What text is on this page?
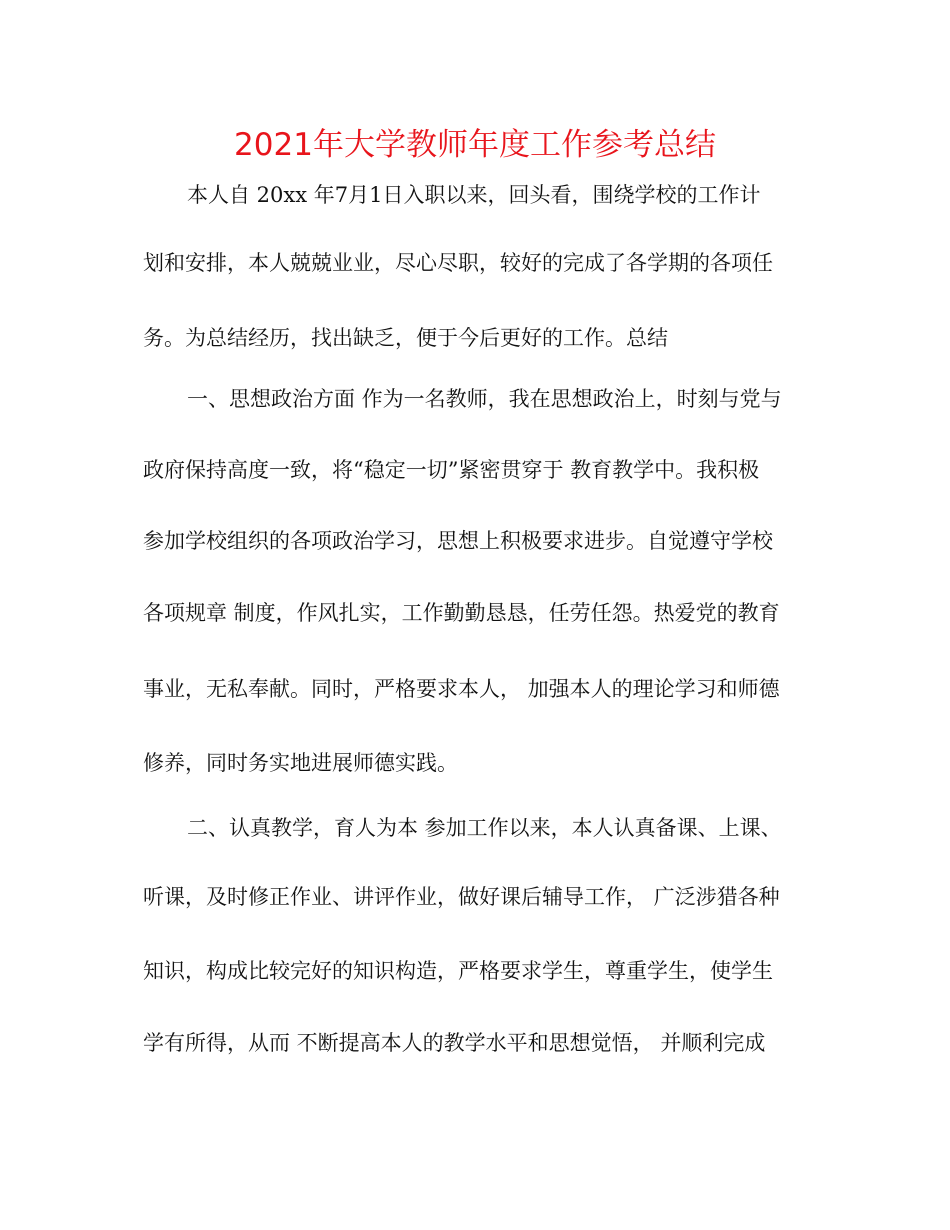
2021年大学教师年度工作参考总结
本人自 20xx 年7月1日入职以来，回头看，围绕学校的工作计
划和安排，本人兢兢业业，尽心尽职，较好的完成了各学期的各项任
务。为总结经历，找出缺乏，便于今后更好的工作。总结
一、思想政治方面 作为一名教师，我在思想政治上，时刻与党与
政府保持高度一致，将“稳定一切”紧密贯穿于 教育教学中。我积极
参加学校组织的各项政治学习，思想上积极要求进步。自觉遵守学校
各项规章 制度，作风扎实，工作勤勤恳恳，任劳任怨。热爱党的教育
事业，无私奉献。同时，严格要求本人， 加强本人的理论学习和师德
修养，同时务实地进展师德实践。
二、认真教学，育人为本 参加工作以来，本人认真备课、上课、
听课，及时修正作业、讲评作业，做好课后辅导工作， 广泛涉猎各种
知识，构成比较完好的知识构造，严格要求学生，尊重学生，使学生
学有所得，从而 不断提高本人的教学水平和思想觉悟， 并顺利完成
